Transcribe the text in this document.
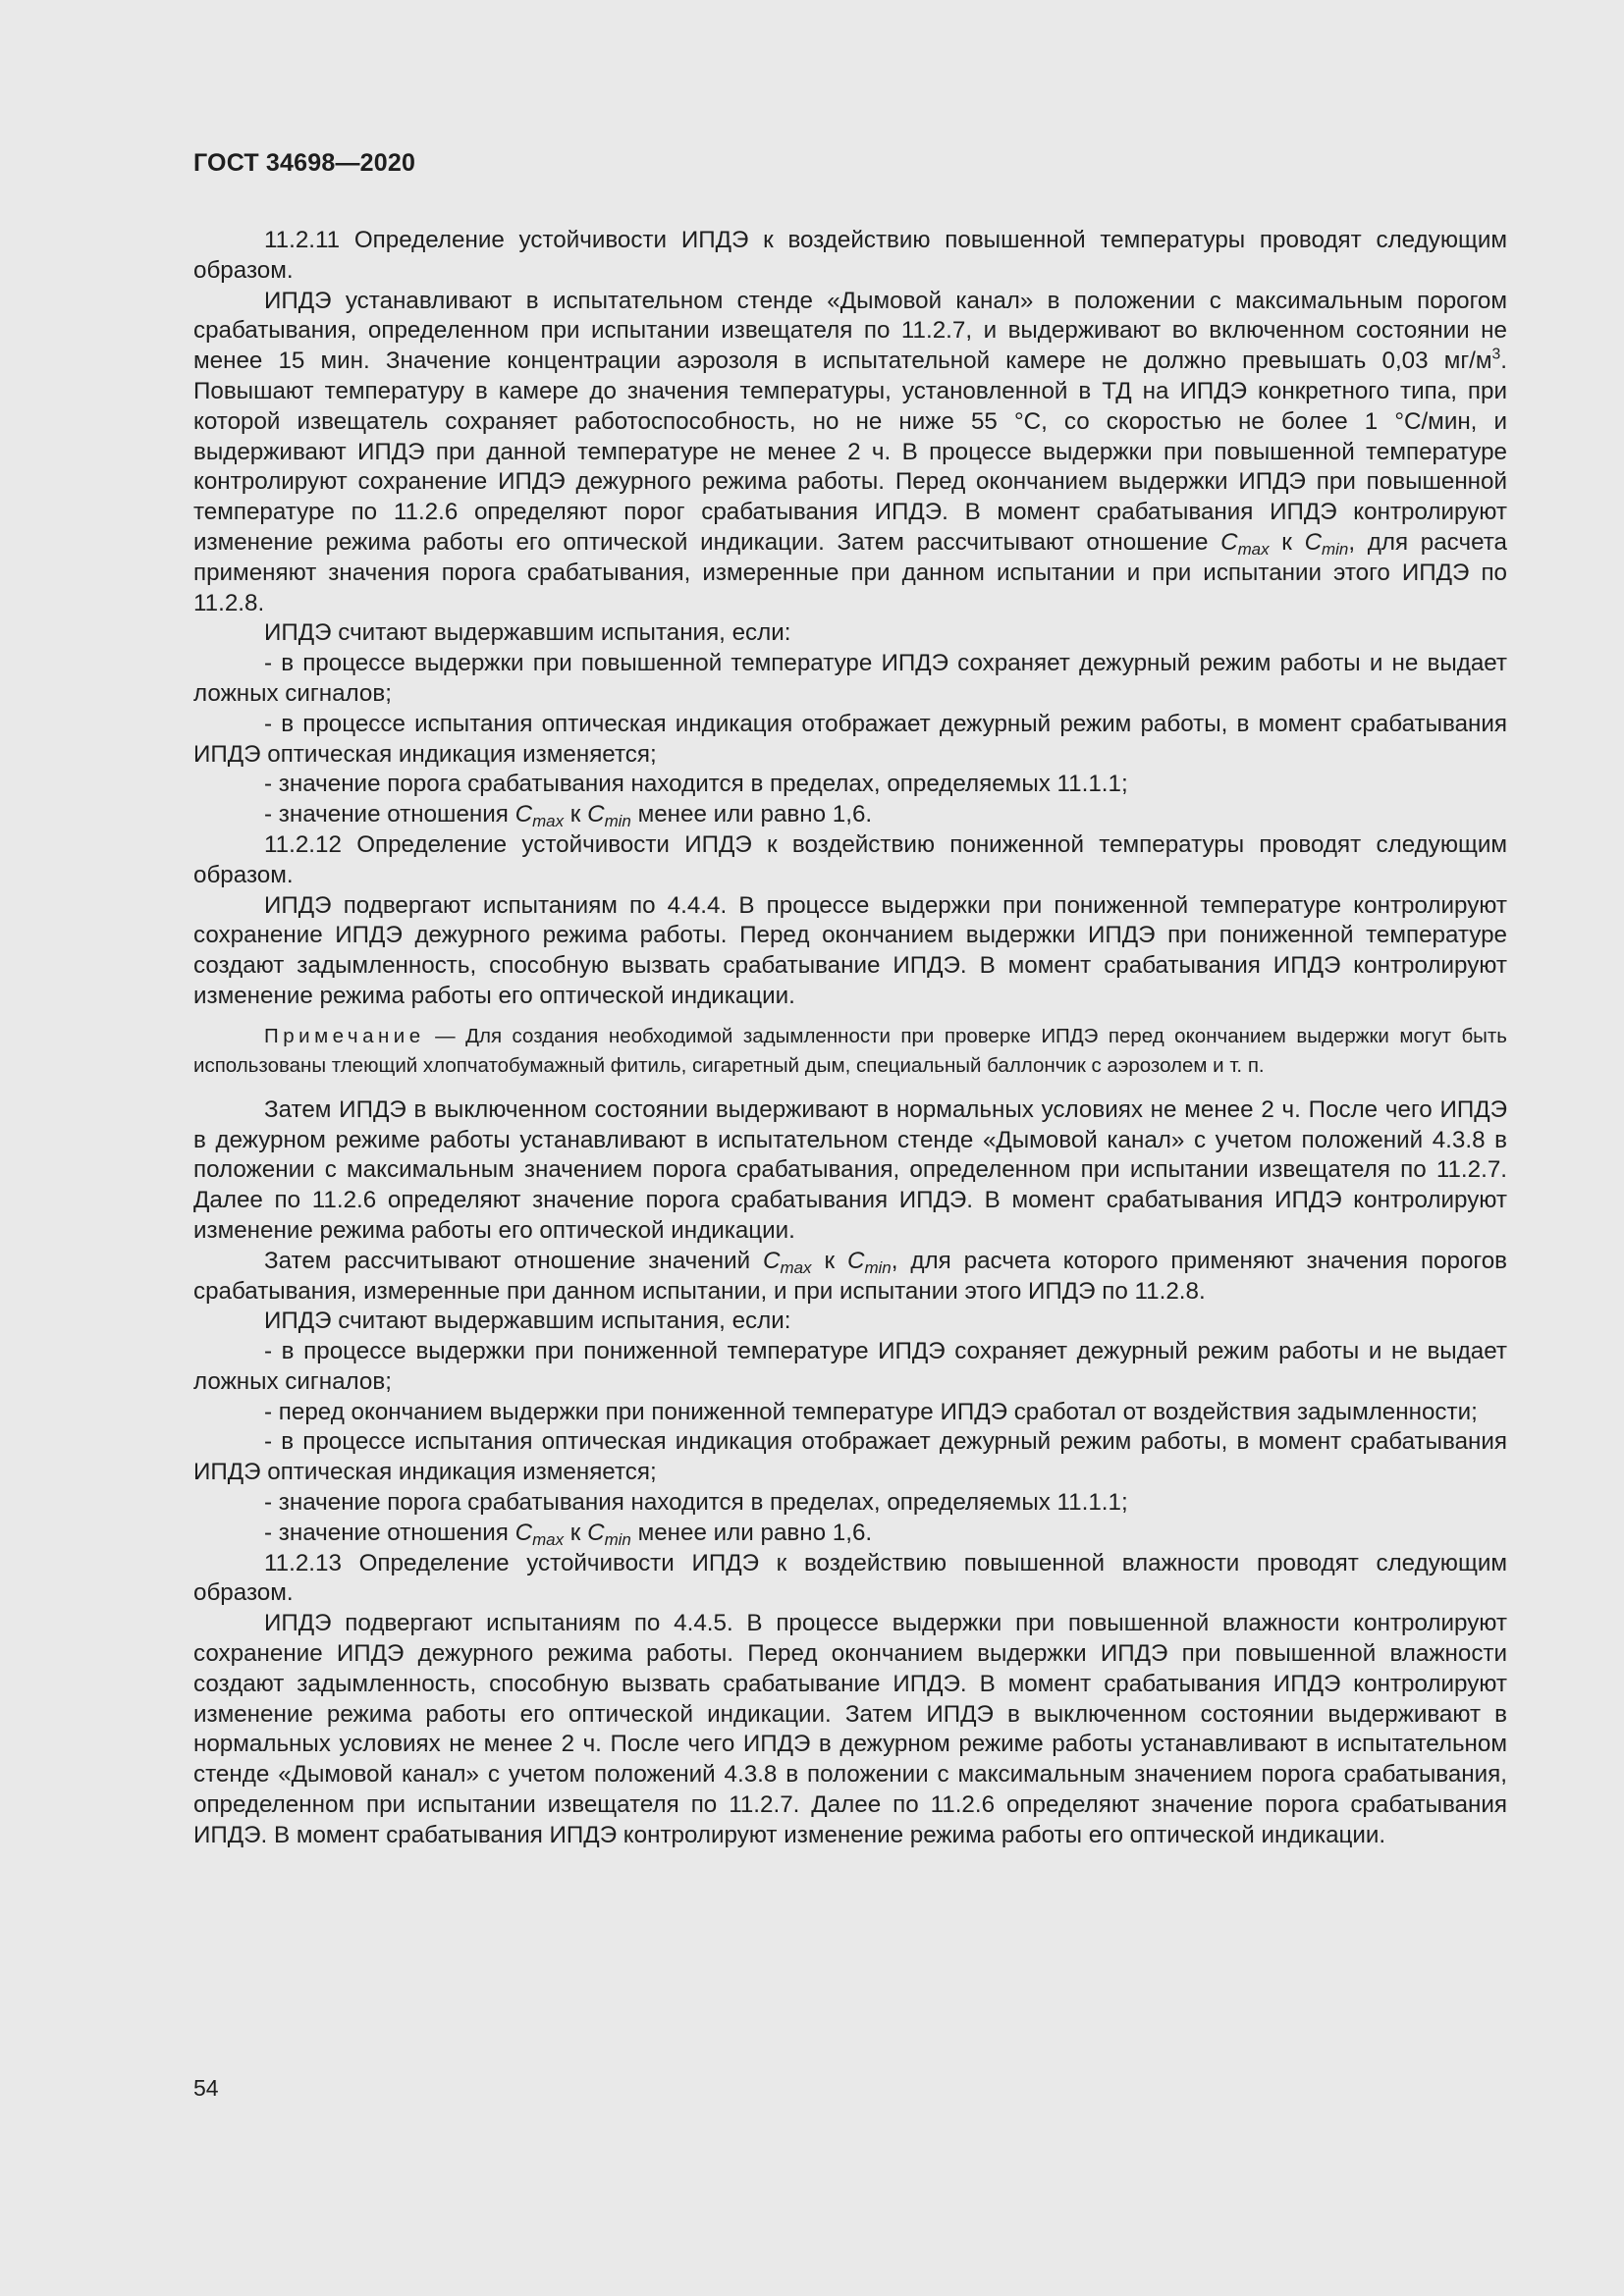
ГОСТ 34698—2020

11.2.11 Определение устойчивости ИПДЭ к воздействию повышенной температуры проводят следующим образом.

ИПДЭ устанавливают в испытательном стенде «Дымовой канал» в положении с максимальным порогом срабатывания, определенном при испытании извещателя по 11.2.7, и выдерживают во включенном состоянии не менее 15 мин. Значение концентрации аэрозоля в испытательной камере не должно превышать 0,03 $мг/м^3$. Повышают температуру в камере до значения температуры, установленной в ТД на ИПДЭ конкретного типа, при которой извещатель сохраняет работоспособность, но не ниже 55 °С, со скоростью не более 1 °С/мин, и выдерживают ИПДЭ при данной температуре не менее 2 ч. В процессе выдержки при повышенной температуре контролируют сохранение ИПДЭ дежурного режима работы. Перед окончанием выдержки ИПДЭ при повышенной температуре по 11.2.6 определяют порог срабатывания ИПДЭ. В момент срабатывания ИПДЭ контролируют изменение режима работы его оптической индикации. Затем рассчитывают отношение $C_{max}$ к $C_{min}$, для расчета применяют значения порога срабатывания, измеренные при данном испытании и при испытании этого ИПДЭ по 11.2.8.

ИПДЭ считают выдержавшим испытания, если:

- в процессе выдержки при повышенной температуре ИПДЭ сохраняет дежурный режим работы и не выдает ложных сигналов;

- в процессе испытания оптическая индикация отображает дежурный режим работы, в момент срабатывания ИПДЭ оптическая индикация изменяется;

- значение порога срабатывания находится в пределах, определяемых 11.1.1;

- значение отношения $C_{max}$ к $C_{min}$ менее или равно 1,6.

11.2.12 Определение устойчивости ИПДЭ к воздействию пониженной температуры проводят следующим образом.

ИПДЭ подвергают испытаниям по 4.4.4. В процессе выдержки при пониженной температуре контролируют сохранение ИПДЭ дежурного режима работы. Перед окончанием выдержки ИПДЭ при пониженной температуре создают задымленность, способную вызвать срабатывание ИПДЭ. В момент срабатывания ИПДЭ контролируют изменение режима работы его оптической индикации.

Примечание — Для создания необходимой задымленности при проверке ИПДЭ перед окончанием выдержки могут быть использованы тлеющий хлопчатобумажный фитиль, сигаретный дым, специальный баллончик с аэрозолем и т. п.

Затем ИПДЭ в выключенном состоянии выдерживают в нормальных условиях не менее 2 ч. После чего ИПДЭ в дежурном режиме работы устанавливают в испытательном стенде «Дымовой канал» с учетом положений 4.3.8 в положении с максимальным значением порога срабатывания, определенном при испытании извещателя по 11.2.7. Далее по 11.2.6 определяют значение порога срабатывания ИПДЭ. В момент срабатывания ИПДЭ контролируют изменение режима работы его оптической индикации.

Затем рассчитывают отношение значений $C_{max}$ к $C_{min}$, для расчета которого применяют значения порогов срабатывания, измеренные при данном испытании, и при испытании этого ИПДЭ по 11.2.8.

ИПДЭ считают выдержавшим испытания, если:

- в процессе выдержки при пониженной температуре ИПДЭ сохраняет дежурный режим работы и не выдает ложных сигналов;

- перед окончанием выдержки при пониженной температуре ИПДЭ сработал от воздействия задымленности;

- в процессе испытания оптическая индикация отображает дежурный режим работы, в момент срабатывания ИПДЭ оптическая индикация изменяется;

- значение порога срабатывания находится в пределах, определяемых 11.1.1;

- значение отношения $C_{max}$ к $C_{min}$ менее или равно 1,6.

11.2.13 Определение устойчивости ИПДЭ к воздействию повышенной влажности проводят следующим образом.

ИПДЭ подвергают испытаниям по 4.4.5. В процессе выдержки при повышенной влажности контролируют сохранение ИПДЭ дежурного режима работы. Перед окончанием выдержки ИПДЭ при повышенной влажности создают задымленность, способную вызвать срабатывание ИПДЭ. В момент срабатывания ИПДЭ контролируют изменение режима работы его оптической индикации. Затем ИПДЭ в выключенном состоянии выдерживают в нормальных условиях не менее 2 ч. После чего ИПДЭ в дежурном режиме работы устанавливают в испытательном стенде «Дымовой канал» с учетом положений 4.3.8 в положении с максимальным значением порога срабатывания, определенном при испытании извещателя по 11.2.7. Далее по 11.2.6 определяют значение порога срабатывания ИПДЭ. В момент срабатывания ИПДЭ контролируют изменение режима работы его оптической индикации.

54
